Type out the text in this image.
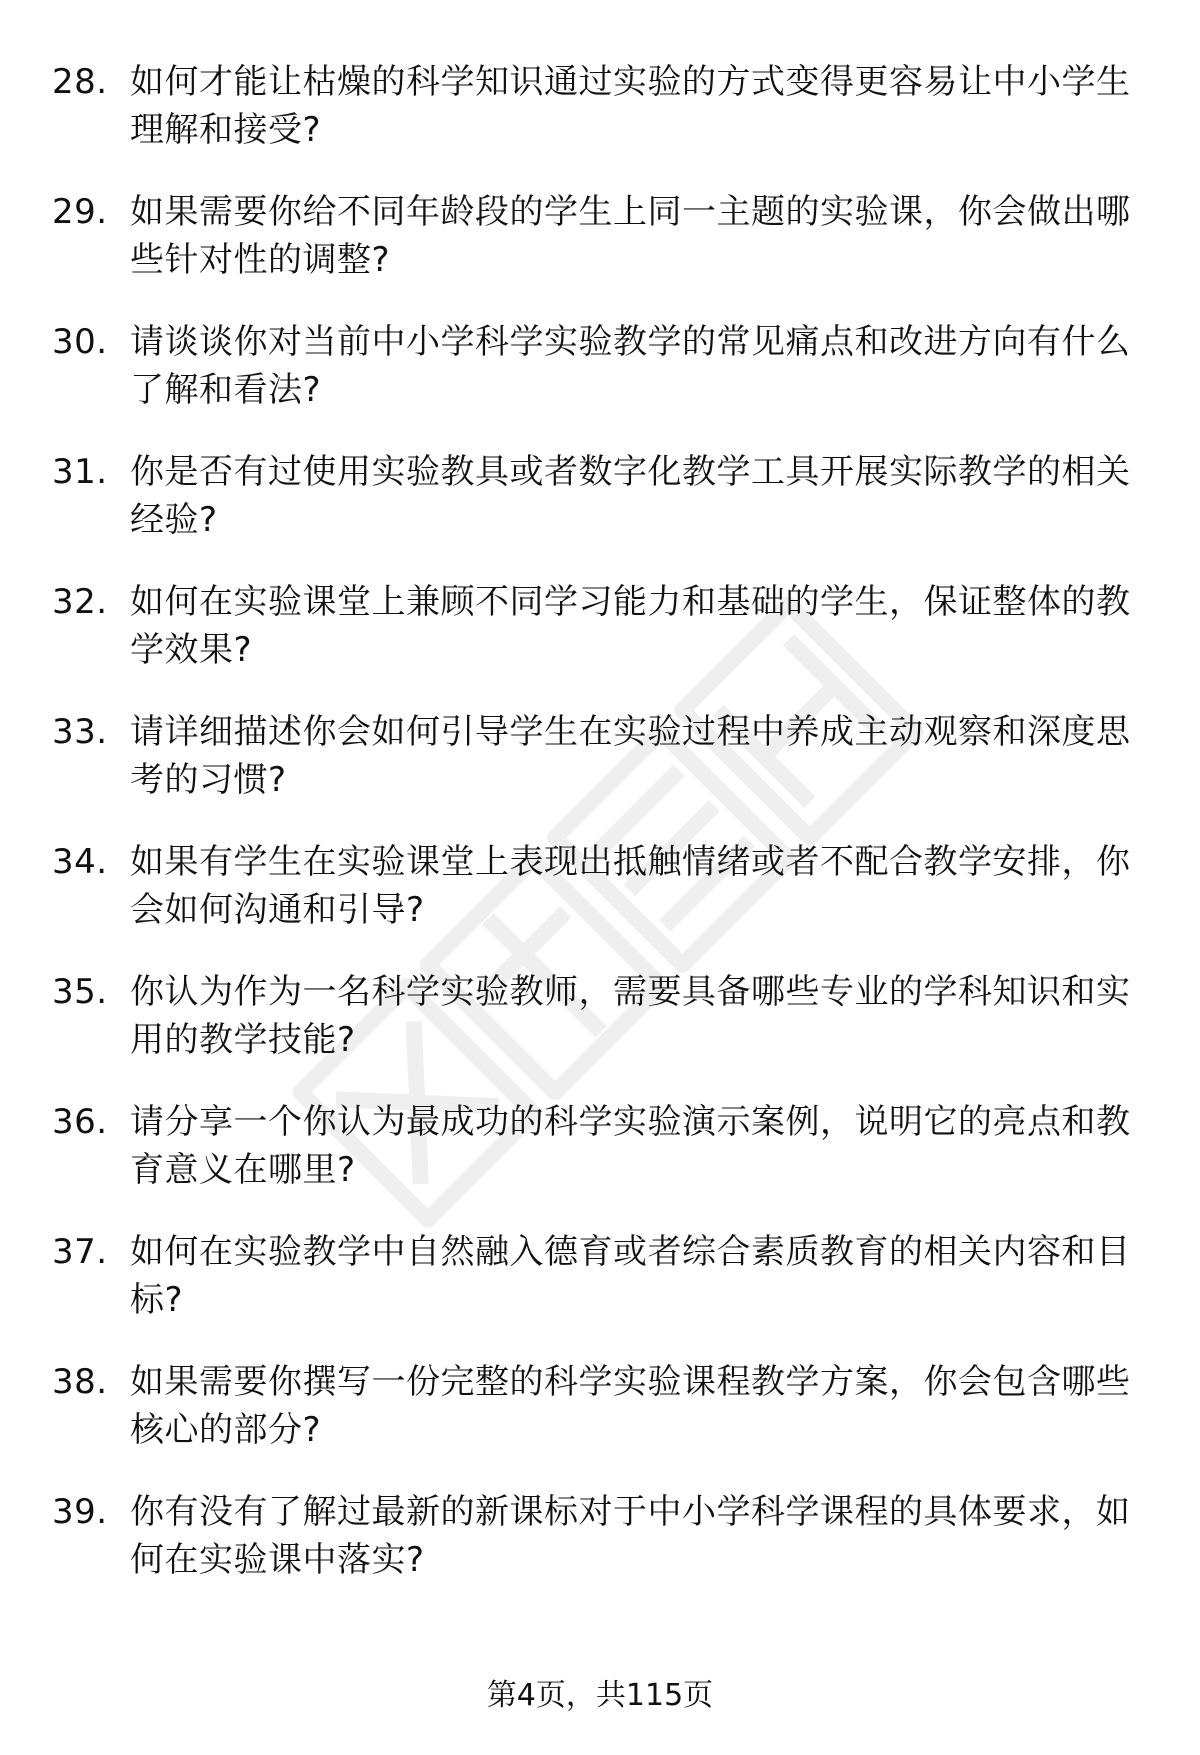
28. 如何才能让枯燥的科学知识通过实验的方式变得更容易让中小学生理解和接受?
29. 如果需要你给不同年龄段的学生上同一主题的实验课，你会做出哪些针对性的调整?
30. 请谈谈你对当前中小学科学实验教学的常见痛点和改进方向有什么了解和看法?
31. 你是否有过使用实验教具或者数字化教学工具开展实际教学的相关经验?
32. 如何在实验课堂上兼顾不同学习能力和基础的学生，保证整体的教学效果?
33. 请详细描述你会如何引导学生在实验过程中养成主动观察和深度思考的习惯?
34. 如果有学生在实验课堂上表现出抵触情绪或者不配合教学安排，你会如何沟通和引导?
35. 你认为作为一名科学实验教师，需要具备哪些专业的学科知识和实用的教学技能?
36. 请分享一个你认为最成功的科学实验演示案例，说明它的亮点和教育意义在哪里?
37. 如何在实验教学中自然融入德育或者综合素质教育的相关内容和目标?
38. 如果需要你撰写一份完整的科学实验课程教学方案，你会包含哪些核心的部分?
39. 你有没有了解过最新的新课标对于中小学科学课程的具体要求，如何在实验课中落实?
第4页，共115页
